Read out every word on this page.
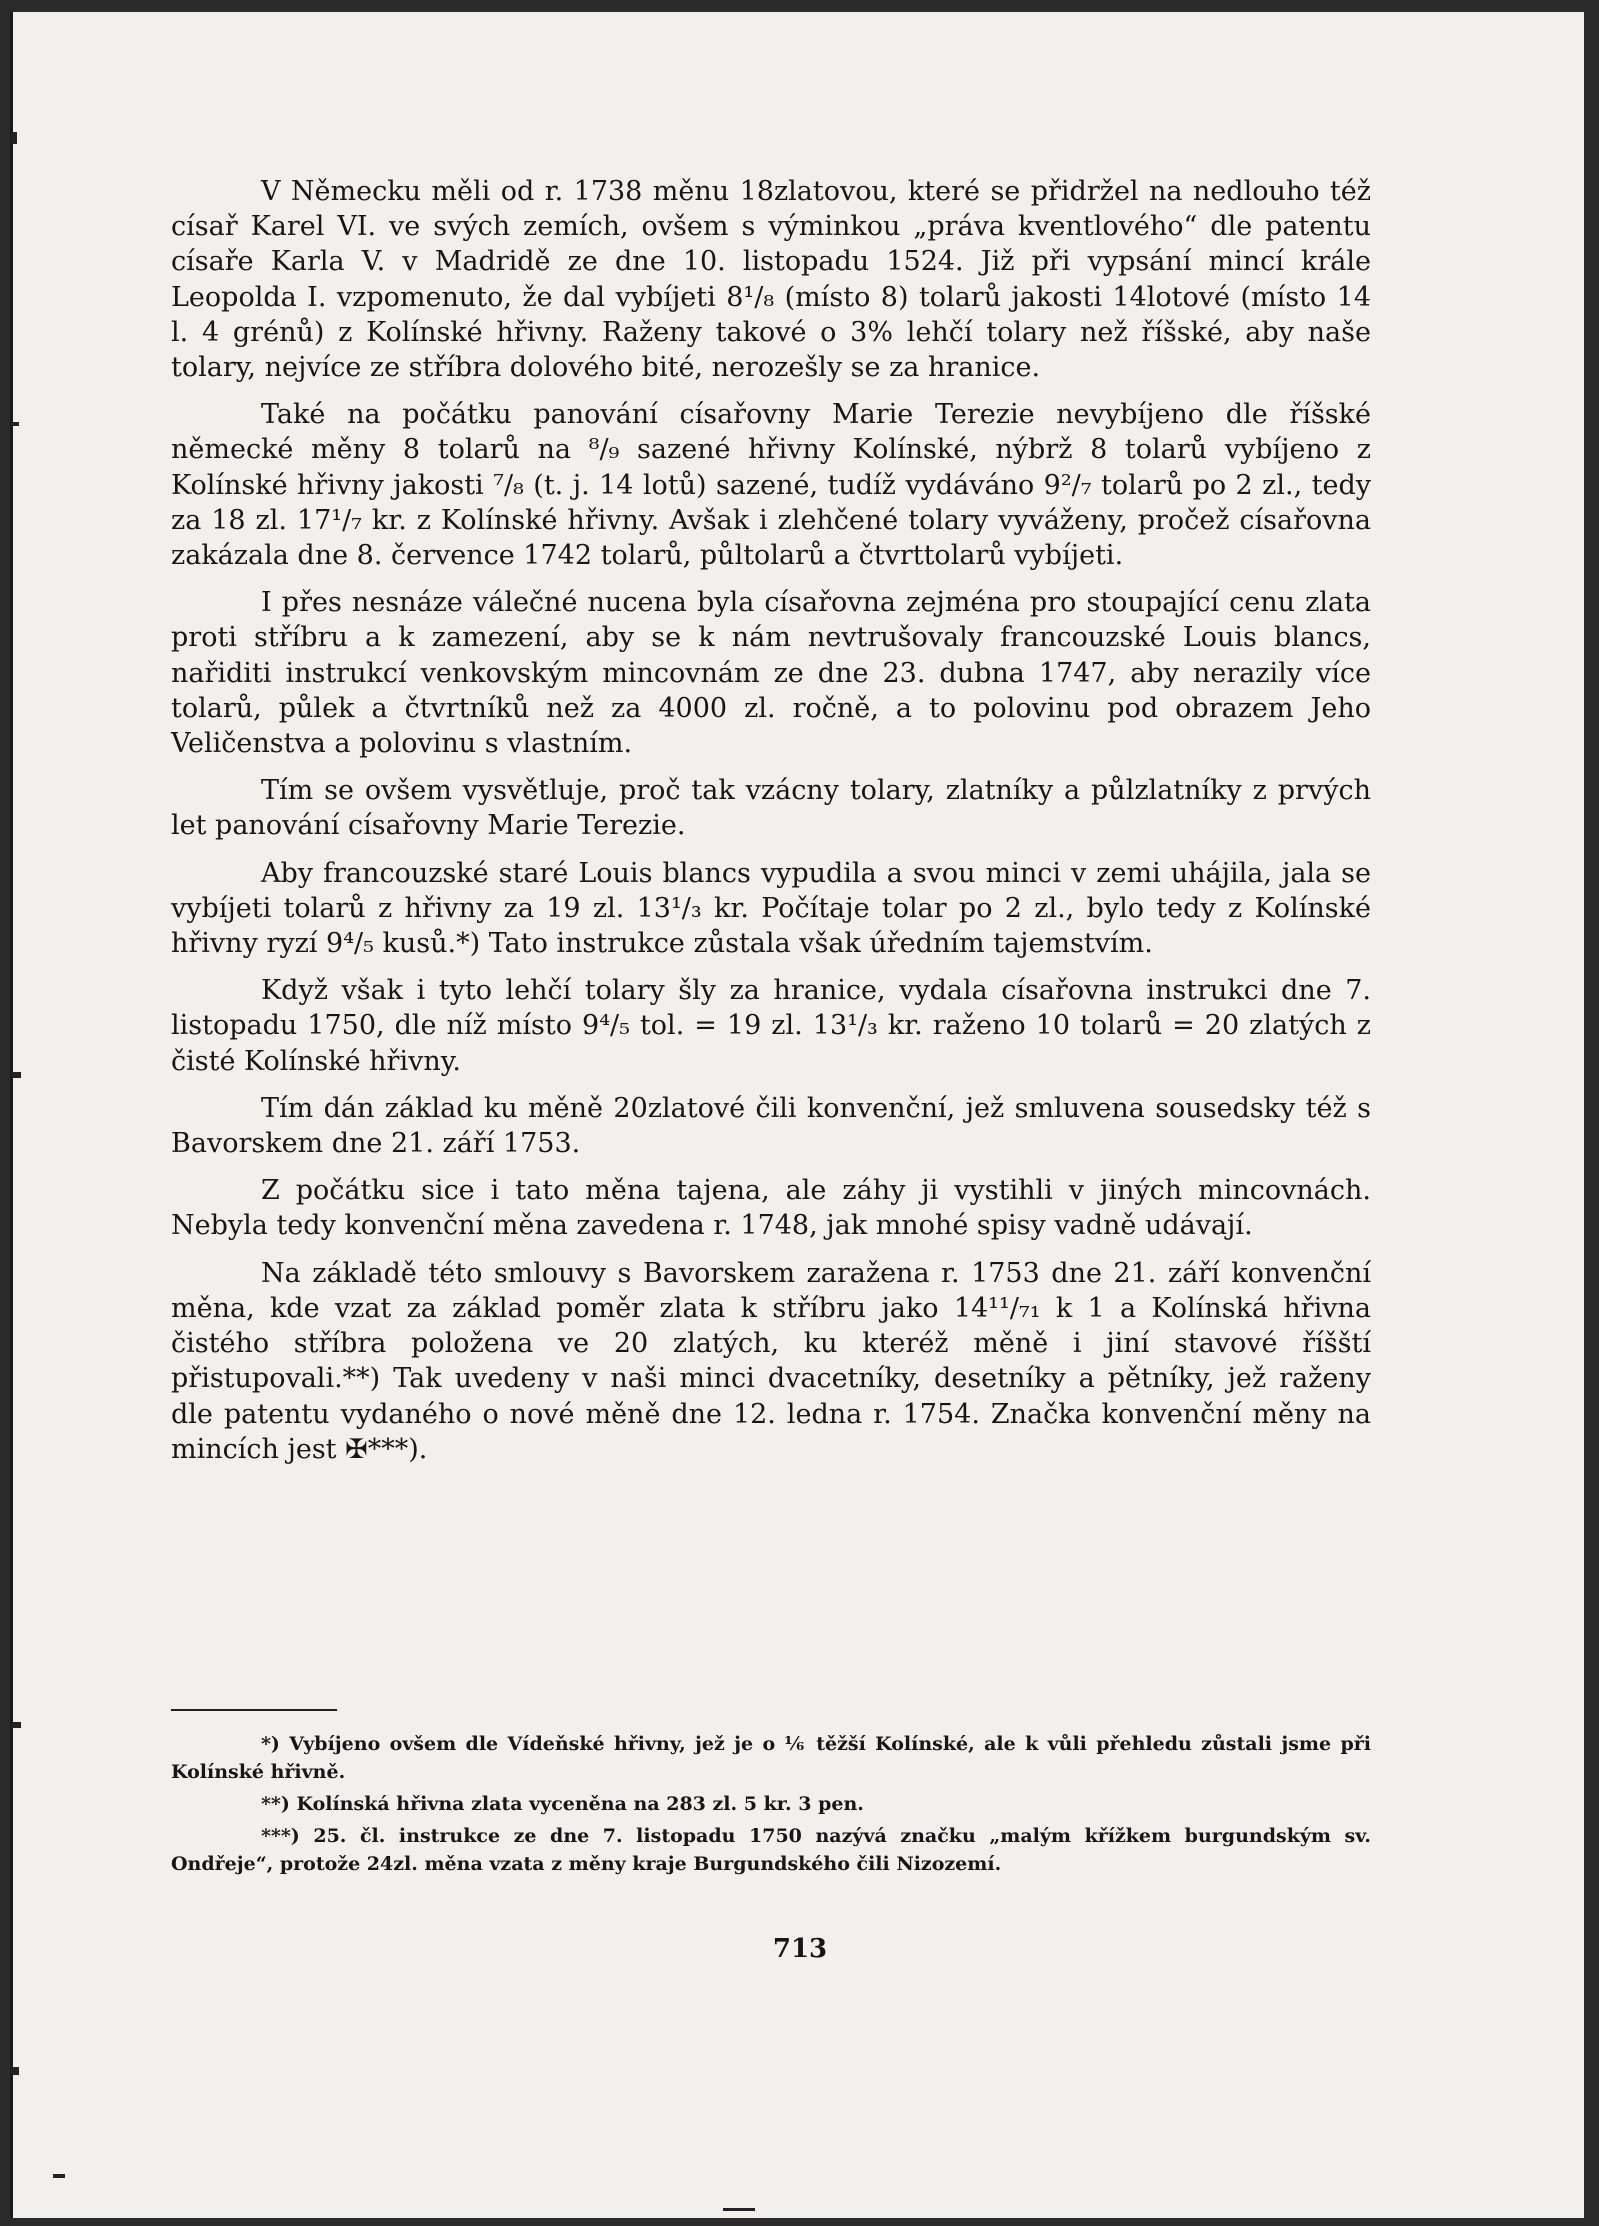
V Německu měli od r. 1738 měnu 18zlatovou, které se přidržel na nedlouho též císař Karel VI. ve svých zemích, ovšem s výminkou „práva kventlového“ dle patentu císaře Karla V. v Madridě ze dne 10. listopadu 1524. Již při vypsání mincí krále Leopolda I. vzpomenuto, že dal vybíjeti 8¹/₈ (místo 8) tolarů jakosti 14lotové (místo 14 l. 4 grénů) z Kolínské hřivny. Raženy takové o 3% lehčí tolary než říšské, aby naše tolary, nejvíce ze stříbra dolového bité, nerozešly se za hranice.

Také na počátku panování císařovny Marie Terezie nevybíjeno dle říšské německé měny 8 tolarů na ⁸/₉ sazené hřivny Kolínské, nýbrž 8 tolarů vybíjeno z Kolínské hřivny jakosti ⁷/₈ (t. j. 14 lotů) sazené, tudíž vydáváno 9²/₇ tolarů po 2 zl., tedy za 18 zl. 17¹/₇ kr. z Kolínské hřivny. Avšak i zlehčené tolary vyváženy, pročež císařovna zakázala dne 8. července 1742 tolarů, půltolarů a čtvrttolarů vybíjeti.

I přes nesnáze válečné nucena byla císařovna zejména pro stoupající cenu zlata proti stříbru a k zamezení, aby se k nám nevtrušovaly francouzské Louis blancs, nařiditi instrukcí venkovským mincovnám ze dne 23. dubna 1747, aby nerazily více tolarů, půlek a čtvrtníků než za 4000 zl. ročně, a to polovinu pod obrazem Jeho Veličenstva a polovinu s vlastním.

Tím se ovšem vysvětluje, proč tak vzácny tolary, zlatníky a půlzlatníky z prvých let panování císařovny Marie Terezie.

Aby francouzské staré Louis blancs vypudila a svou minci v zemi uhájila, jala se vybíjeti tolarů z hřivny za 19 zl. 13¹/₃ kr. Počítaje tolar po 2 zl., bylo tedy z Kolínské hřivny ryzí 9⁴/₅ kusů.*) Tato instrukce zůstala však úředním tajemstvím.

Když však i tyto lehčí tolary šly za hranice, vydala císařovna instrukci dne 7. listopadu 1750, dle níž místo 9⁴/₅ tol. = 19 zl. 13¹/₃ kr. raženo 10 tolarů = 20 zlatých z čisté Kolínské hřivny.

Tím dán základ ku měně 20zlatové čili konvenční, jež smluvena sousedsky též s Bavorskem dne 21. září 1753.

Z počátku sice i tato měna tajena, ale záhy ji vystihli v jiných mincovnách. Nebyla tedy konvenční měna zavedena r. 1748, jak mnohé spisy vadně udávají.

Na základě této smlouvy s Bavorskem zaražena r. 1753 dne 21. září konvenční měna, kde vzat za základ poměr zlata k stříbru jako 14¹¹/₇₁ k 1 a Kolínská hřivna čistého stříbra položena ve 20 zlatých, ku kteréž měně i jiní stavové říšští přistupovali.**) Tak uvedeny v naši minci dvacetníky, desetníky a pětníky, jež raženy dle patentu vydaného o nové měně dne 12. ledna r. 1754. Značka konvenční měny na mincích jest ✠***).

*) Vybíjeno ovšem dle Vídeňské hřivny, jež je o ⅙ těžší Kolínské, ale k vůli přehledu zůstali jsme při Kolínské hřivně.

**) Kolínská hřivna zlata vyceněna na 283 zl. 5 kr. 3 pen.

***) 25. čl. instrukce ze dne 7. listopadu 1750 nazývá značku „malým křížkem burgundským sv. Ondřeje“, protože 24zl. měna vzata z měny kraje Burgundského čili Nizozemí.

713
